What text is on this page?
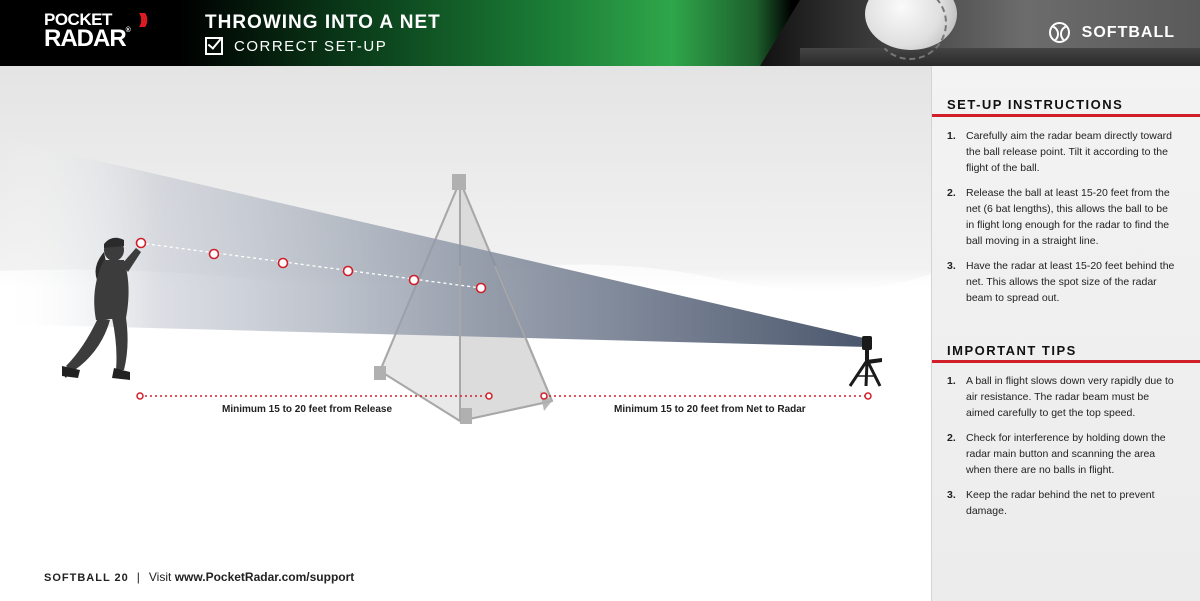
POCKET
RADAR®
)))	THROWING INTO A NET
CORRECT SET-UP
SOFTBALL
Minimum 15 to 20 feet from Release	Minimum 15 to 20 feet from Net to Radar
SOFTBALL 20 | Visit www.PocketRadar.com/support
SET-UP INSTRUCTIONS
1. Carefully aim the radar beam directly toward the ball release point. Tilt it according to the flight of the ball.
2. Release the ball at least 15-20 feet from the net (6 bat lengths), this allows the ball to be in flight long enough for the radar to find the ball moving in a straight line.
3. Have the radar at least 15-20 feet behind the net. This allows the spot size of the radar beam to spread out.
IMPORTANT TIPS
1. A ball in flight slows down very rapidly due to air resistance. The radar beam must be aimed carefully to get the top speed.
2. Check for interference by holding down the radar main button and scanning the area when there are no balls in flight.
3. Keep the radar behind the net to prevent damage.
